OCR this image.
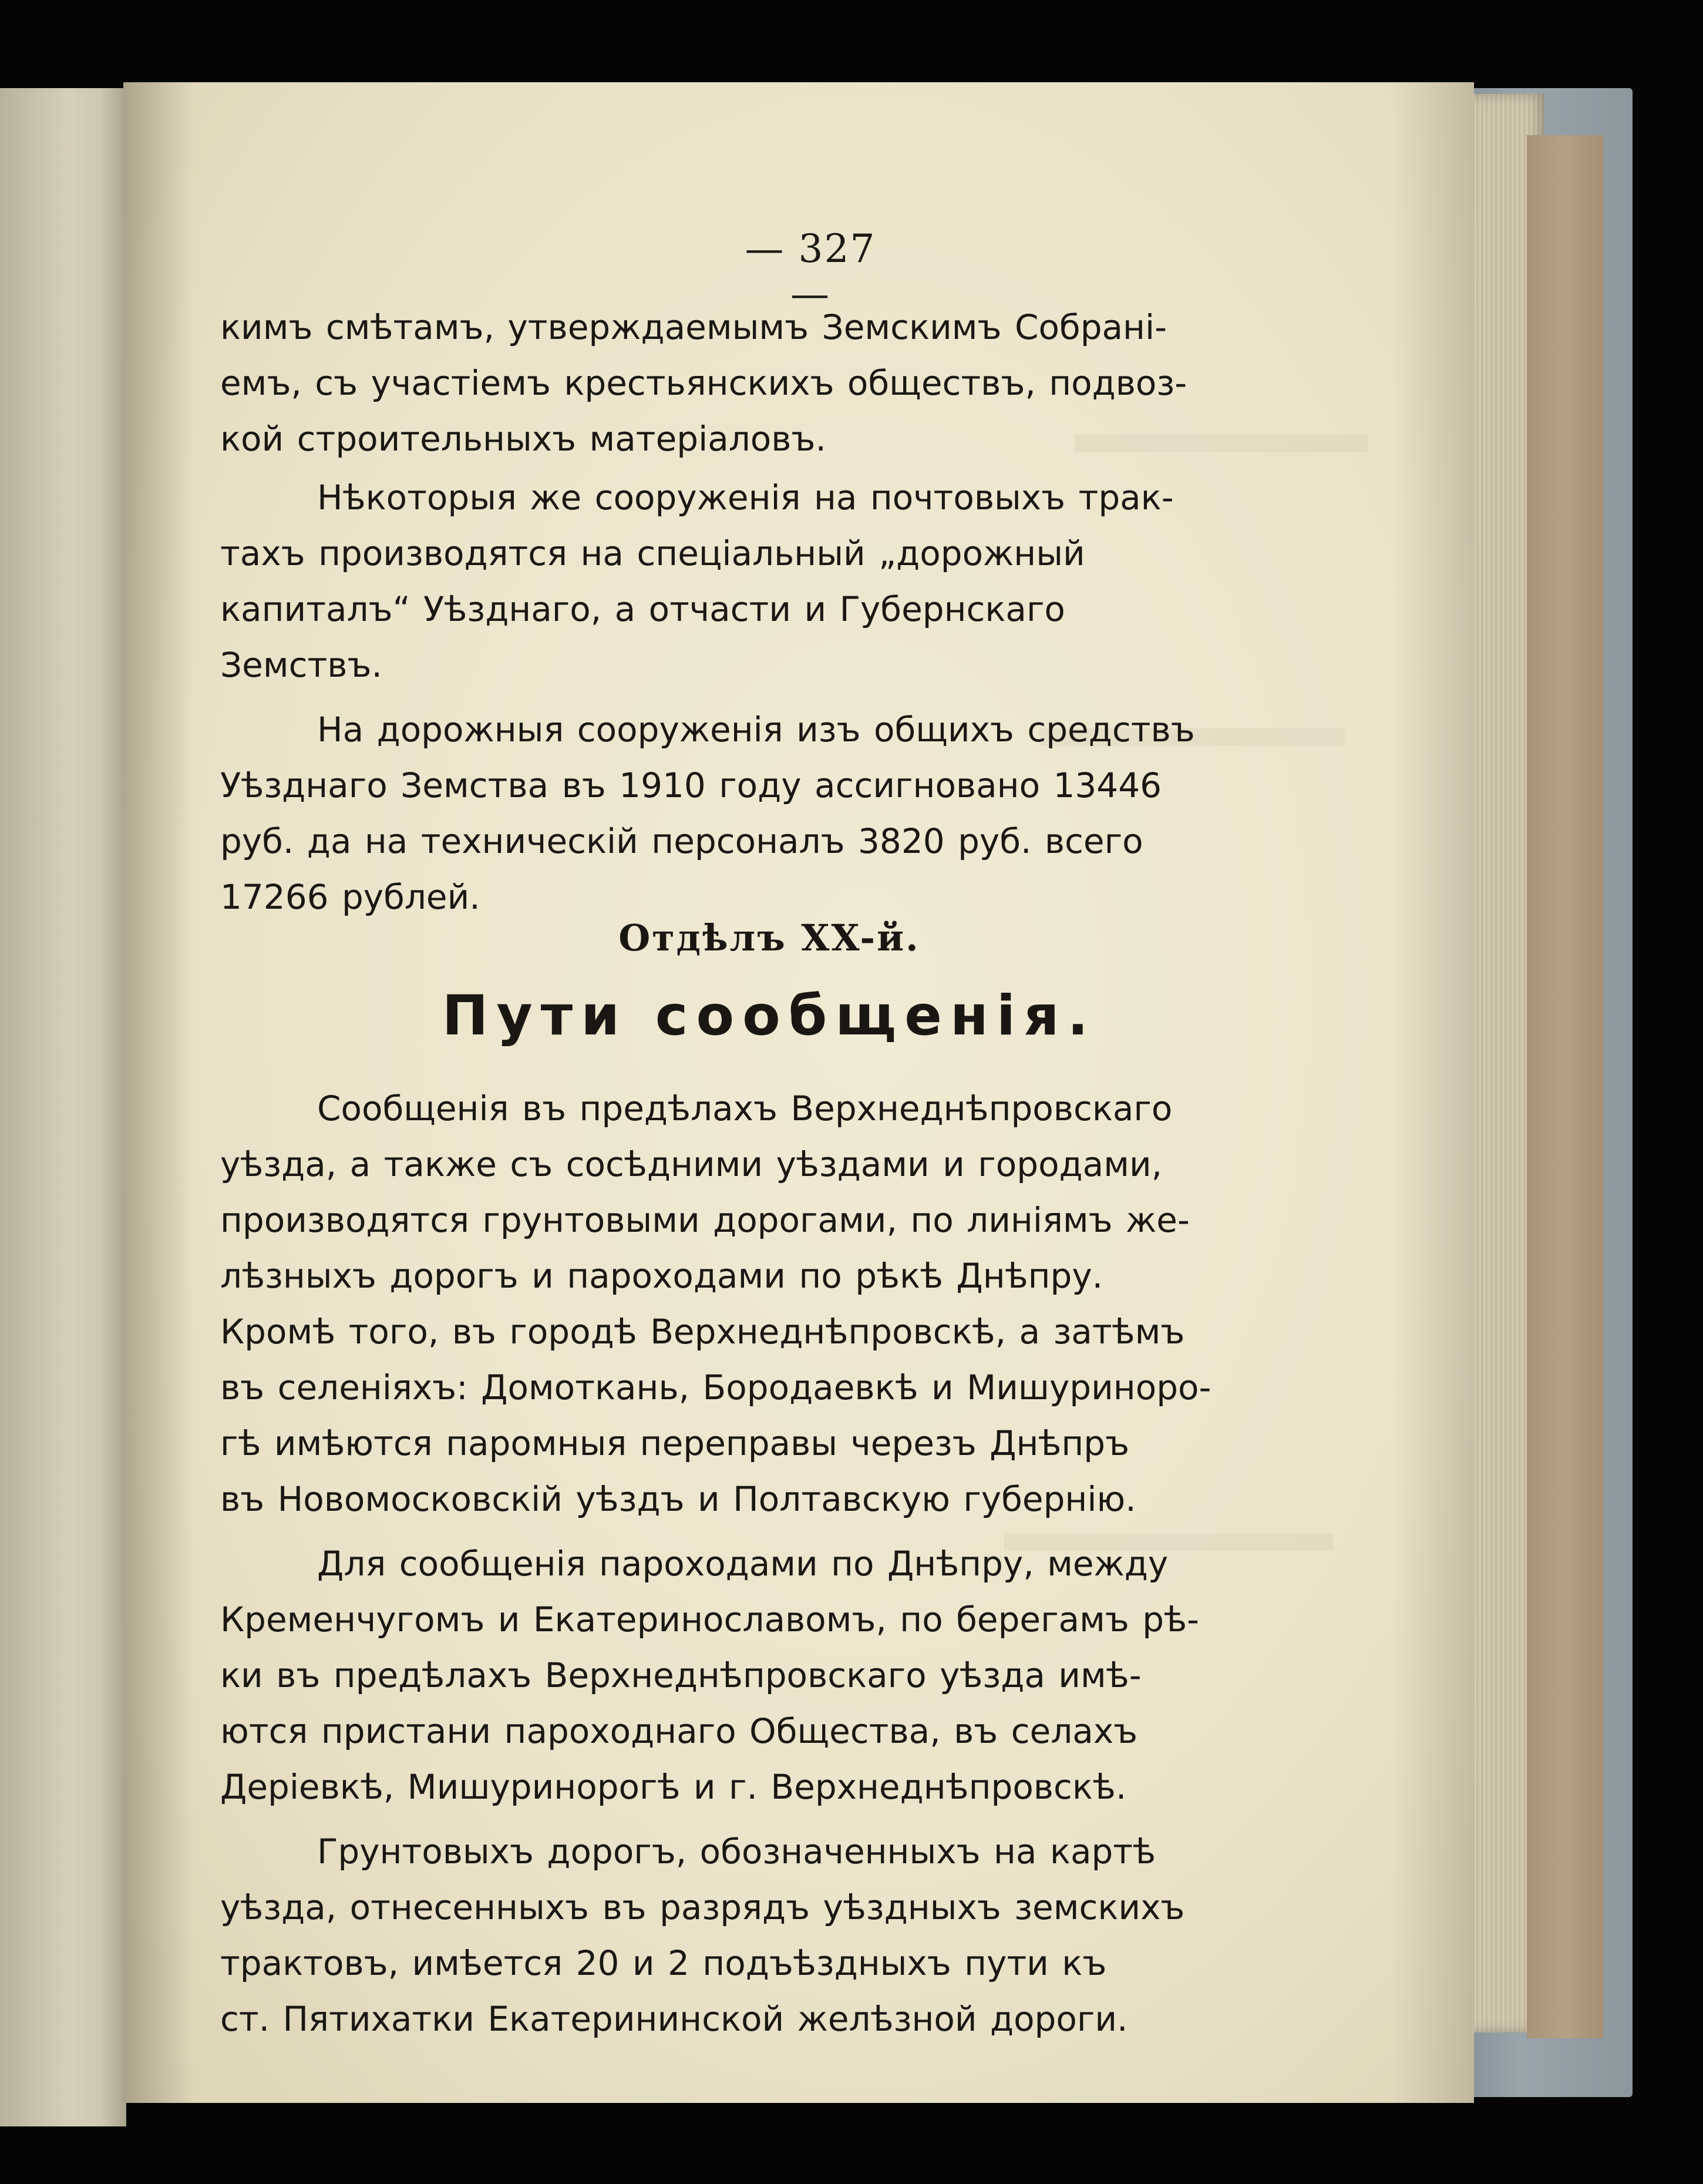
— 327 —
кимъ смѣтамъ, утверждаемымъ Земскимъ Собранi-
емъ, съ участiемъ крестьянскихъ обществъ, подвоз-
кой строительныхъ матерiаловъ.
Нѣкоторыя же сооруженiя на почтовыхъ трак-
тахъ производятся на спецiальный „дорожный
капиталъ“ Уѣзднаго, а отчасти и Губернскаго
Земствъ.
На дорожныя сооруженiя изъ общихъ средствъ
Уѣзднаго Земства въ 1910 году ассигновано 13446
руб. да на техническiй персоналъ 3820 руб. всего
17266 рублей.
Отдѣлъ XX-й.
Пути сообщенiя.
Сообщенiя въ предѣлахъ Верхнеднѣпровскаго
уѣзда, а также съ сосѣдними уѣздами и городами,
производятся грунтовыми дорогами, по линiямъ же-
лѣзныхъ дорогъ и пароходами по рѣкѣ Днѣпру.
Кромѣ того, въ городѣ Верхнеднѣпровскѣ, а затѣмъ
въ селенiяхъ: Домоткань, Бородаевкѣ и Мишуриноро-
гѣ имѣются паромныя переправы черезъ Днѣпръ
въ Новомосковскiй уѣздъ и Полтавскую губернiю.
Для сообщенiя пароходами по Днѣпру, между
Кременчугомъ и Екатеринославомъ, по берегамъ рѣ-
ки въ предѣлахъ Верхнеднѣпровскаго уѣзда имѣ-
ются пристани пароходнаго Общества, въ селахъ
Дерiевкѣ, Мишуринорогѣ и г. Верхнеднѣпровскѣ.
Грунтовыхъ дорогъ, обозначенныхъ на картѣ
уѣзда, отнесенныхъ въ разрядъ уѣздныхъ земскихъ
трактовъ, имѣется 20 и 2 подъѣздныхъ пути къ
ст. Пятихатки Екатерининской желѣзной дороги.
